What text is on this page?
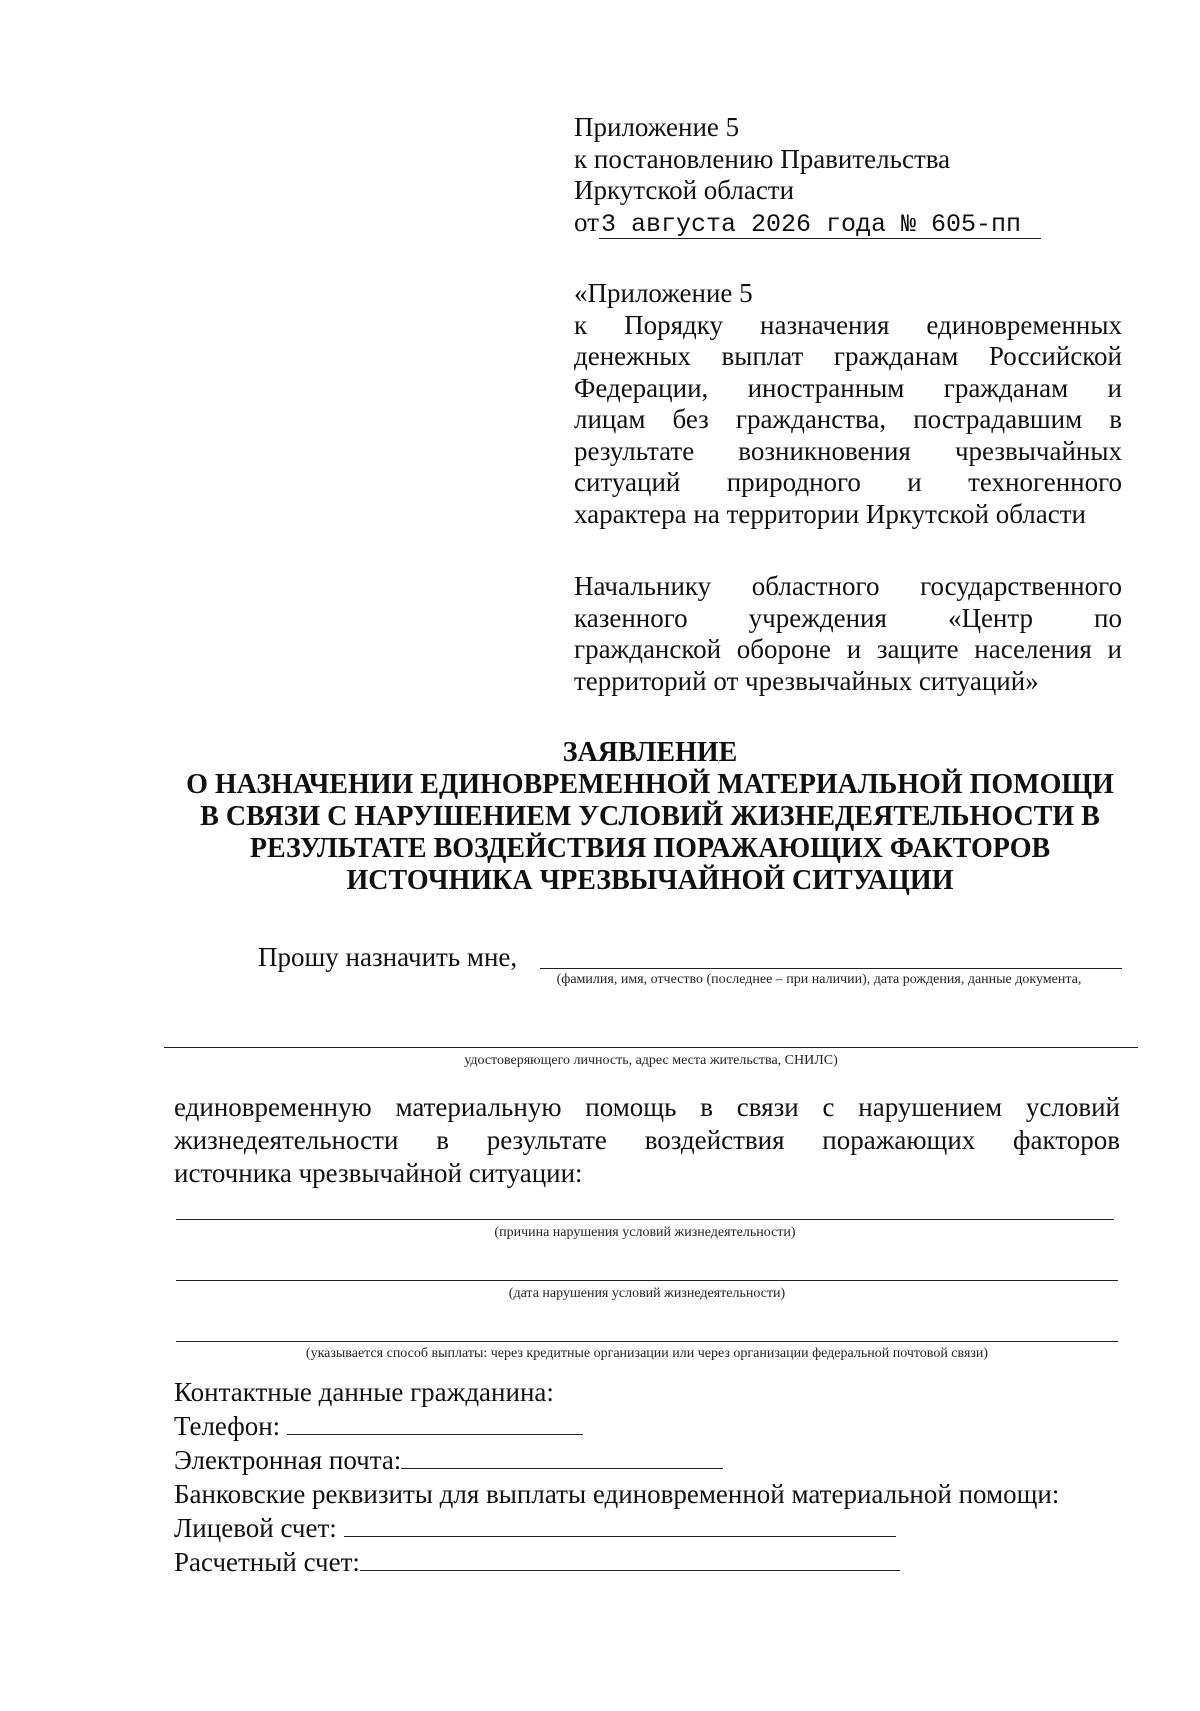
Приложение 5
к постановлению Правительства
Иркутской области
от3 августа 2026 года № 605-пп
«Приложение 5
к Порядку назначения единовременных
денежных выплат гражданам Российской
Федерации, иностранным гражданам и
лицам без гражданства, пострадавшим в
результате возникновения чрезвычайных
ситуаций природного и техногенного
характера на территории Иркутской области
Начальнику областного государственного
казенного учреждения «Центр по
гражданской обороне и защите населения и
территорий от чрезвычайных ситуаций»
ЗАЯВЛЕНИЕ
О НАЗНАЧЕНИИ ЕДИНОВРЕМЕННОЙ МАТЕРИАЛЬНОЙ ПОМОЩИ
В СВЯЗИ С НАРУШЕНИЕМ УСЛОВИЙ ЖИЗНЕДЕЯТЕЛЬНОСТИ В
РЕЗУЛЬТАТЕ ВОЗДЕЙСТВИЯ ПОРАЖАЮЩИХ ФАКТОРОВ
ИСТОЧНИКА ЧРЕЗВЫЧАЙНОЙ СИТУАЦИИ
Прошу назначить мне,
(фамилия, имя, отчество (последнее – при наличии), дата рождения, данные документа,
удостоверяющего личность, адрес места жительства, СНИЛС)
единовременную материальную помощь в связи с нарушением условий
жизнедеятельности в результате воздействия поражающих факторов
источника чрезвычайной ситуации:
(причина нарушения условий жизнедеятельности)
(дата нарушения условий жизнедеятельности)
(указывается способ выплаты: через кредитные организации или через организации федеральной почтовой связи)
Контактные данные гражданина:
Телефон:
Электронная почта:
Банковские реквизиты для выплаты единовременной материальной помощи:
Лицевой счет:
Расчетный счет:
